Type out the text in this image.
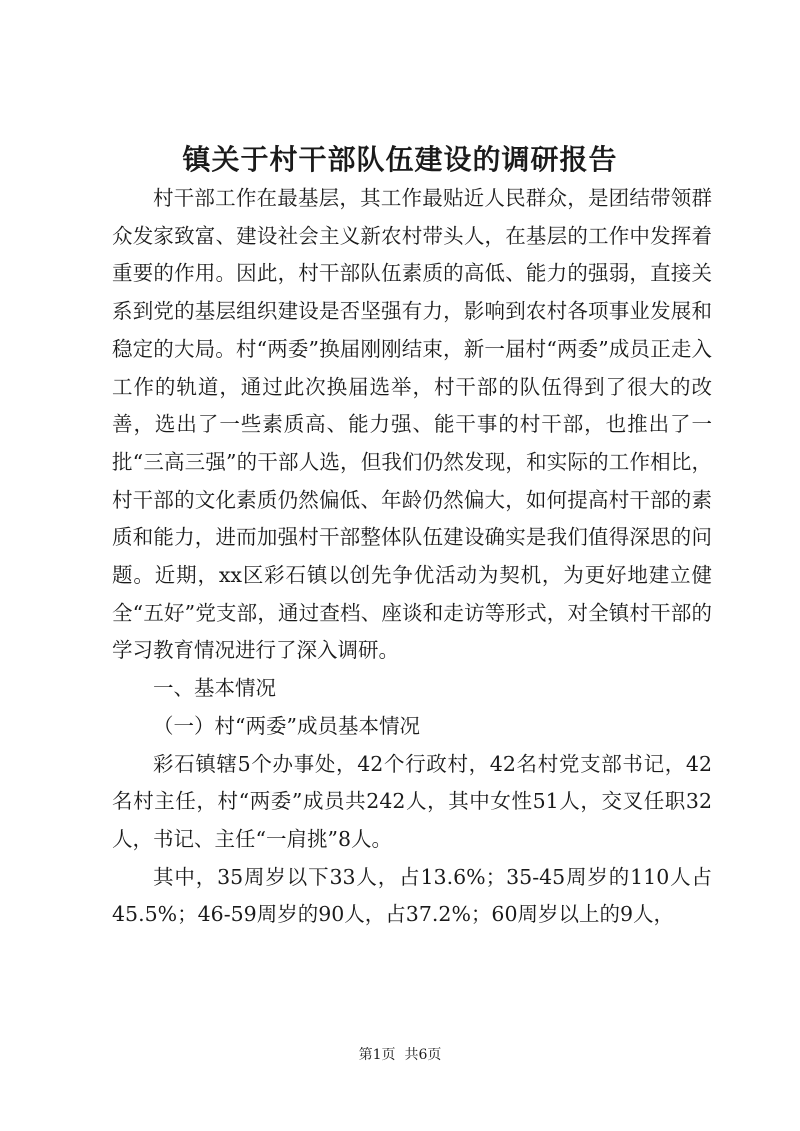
镇关于村干部队伍建设的调研报告

村干部工作在最基层，其工作最贴近人民群众，是团结带领群众发家致富、建设社会主义新农村带头人，在基层的工作中发挥着重要的作用。因此，村干部队伍素质的高低、能力的强弱，直接关系到党的基层组织建设是否坚强有力，影响到农村各项事业发展和稳定的大局。村“两委”换届刚刚结束，新一届村“两委”成员正走入工作的轨道，通过此次换届选举，村干部的队伍得到了很大的改善，选出了一些素质高、能力强、能干事的村干部，也推出了一批“三高三强”的干部人选，但我们仍然发现，和实际的工作相比，村干部的文化素质仍然偏低、年龄仍然偏大，如何提高村干部的素质和能力，进而加强村干部整体队伍建设确实是我们值得深思的问题。近期，xx区彩石镇以创先争优活动为契机，为更好地建立健全“五好”党支部，通过查档、座谈和走访等形式，对全镇村干部的学习教育情况进行了深入调研。

一、基本情况

（一）村“两委”成员基本情况

彩石镇辖5个办事处，42个行政村，42名村党支部书记，42名村主任，村“两委”成员共242人，其中女性51人，交叉任职32人，书记、主任“一肩挑”8人。

其中，35周岁以下33人，占13.6%；35-45周岁的110人占45.5%；46-59周岁的90人，占37.2%；60周岁以上的9人，

第1页  共6页
